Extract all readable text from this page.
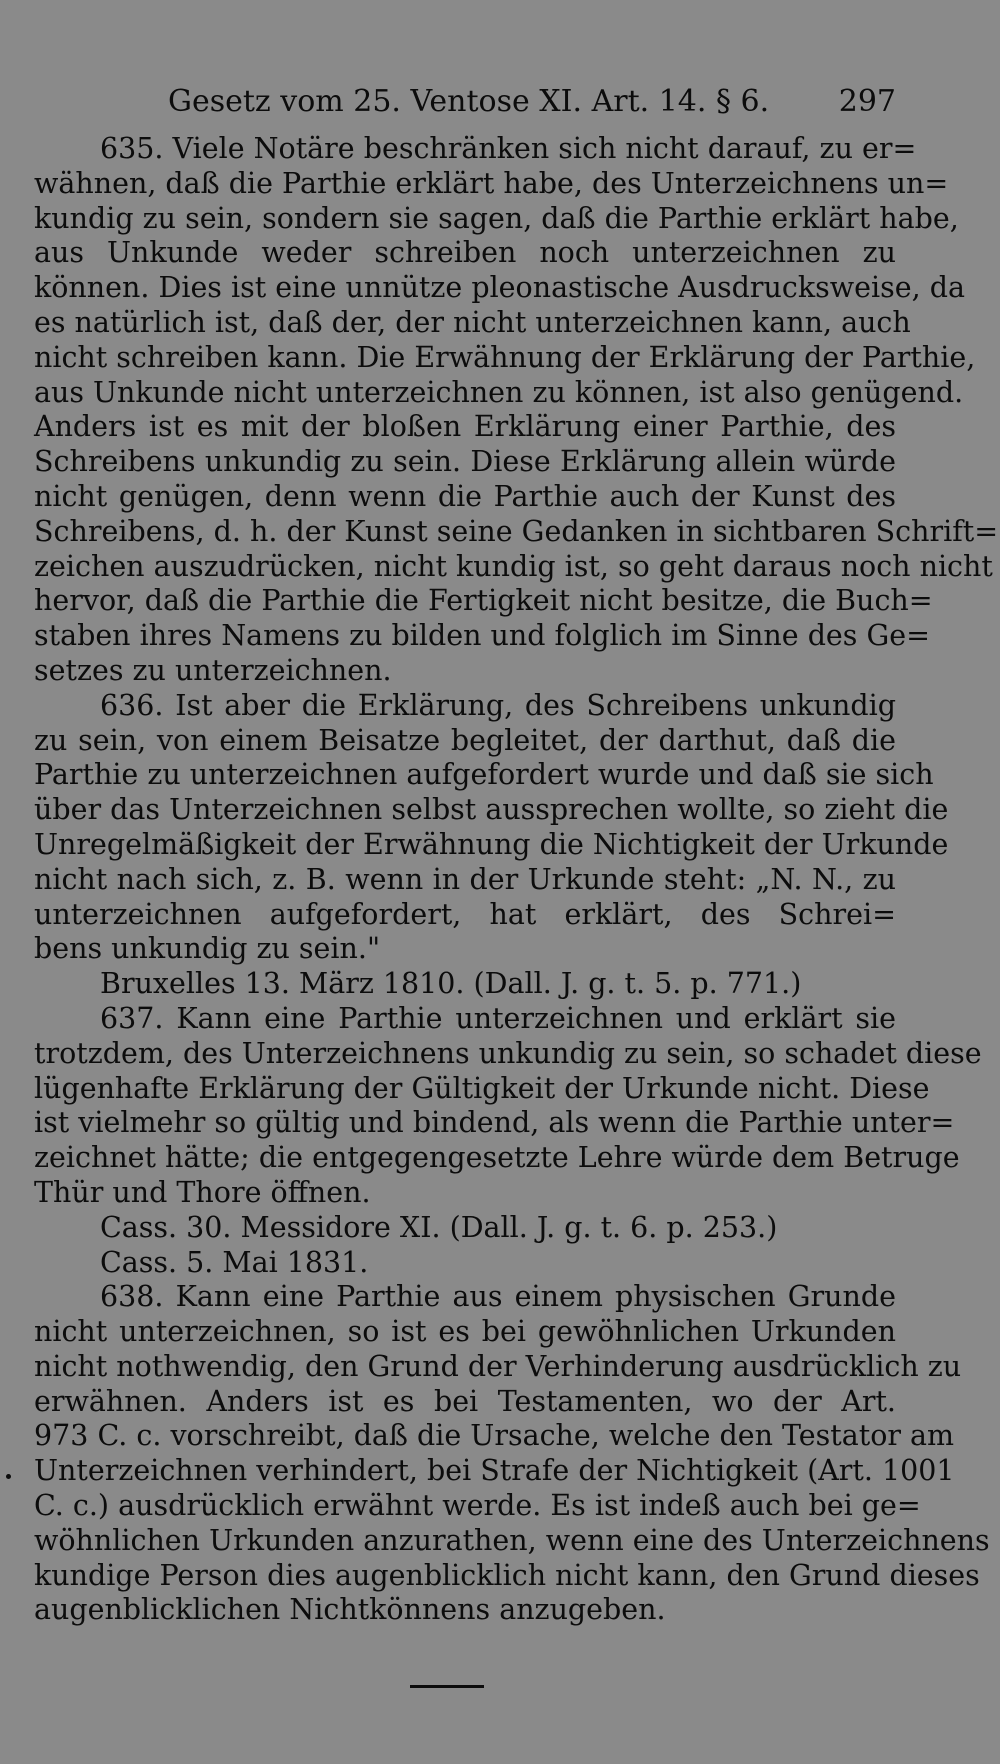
Gesetz vom 25. Ventose XI. Art. 14. § 6. 297
635. Viele Notäre beschränken sich nicht darauf, zu er=
wähnen, daß die Parthie erklärt habe, des Unterzeichnens un=
kundig zu sein, sondern sie sagen, daß die Parthie erklärt habe,
aus Unkunde weder schreiben noch unterzeichnen zu
können. Dies ist eine unnütze pleonastische Ausdrucksweise, da
es natürlich ist, daß der, der nicht unterzeichnen kann, auch
nicht schreiben kann. Die Erwähnung der Erklärung der Parthie,
aus Unkunde nicht unterzeichnen zu können, ist also genügend.
Anders ist es mit der bloßen Erklärung einer Parthie, des
Schreibens unkundig zu sein. Diese Erklärung allein würde
nicht genügen, denn wenn die Parthie auch der Kunst des
Schreibens, d. h. der Kunst seine Gedanken in sichtbaren Schrift=
zeichen auszudrücken, nicht kundig ist, so geht daraus noch nicht
hervor, daß die Parthie die Fertigkeit nicht besitze, die Buch=
staben ihres Namens zu bilden und folglich im Sinne des Ge=
setzes zu unterzeichnen.
636. Ist aber die Erklärung, des Schreibens unkundig
zu sein, von einem Beisatze begleitet, der darthut, daß die
Parthie zu unterzeichnen aufgefordert wurde und daß sie sich
über das Unterzeichnen selbst aussprechen wollte, so zieht die
Unregelmäßigkeit der Erwähnung die Nichtigkeit der Urkunde
nicht nach sich, z. B. wenn in der Urkunde steht: „N. N., zu
unterzeichnen aufgefordert, hat erklärt, des Schrei=
bens unkundig zu sein."
Bruxelles 13. März 1810. (Dall. J. g. t. 5. p. 771.)
637. Kann eine Parthie unterzeichnen und erklärt sie
trotzdem, des Unterzeichnens unkundig zu sein, so schadet diese
lügenhafte Erklärung der Gültigkeit der Urkunde nicht. Diese
ist vielmehr so gültig und bindend, als wenn die Parthie unter=
zeichnet hätte; die entgegengesetzte Lehre würde dem Betruge
Thür und Thore öffnen.
Cass. 30. Messidore XI. (Dall. J. g. t. 6. p. 253.)
Cass. 5. Mai 1831.
638. Kann eine Parthie aus einem physischen Grunde
nicht unterzeichnen, so ist es bei gewöhnlichen Urkunden
nicht nothwendig, den Grund der Verhinderung ausdrücklich zu
erwähnen. Anders ist es bei Testamenten, wo der Art.
973 C. c. vorschreibt, daß die Ursache, welche den Testator am
Unterzeichnen verhindert, bei Strafe der Nichtigkeit (Art. 1001
C. c.) ausdrücklich erwähnt werde. Es ist indeß auch bei ge=
wöhnlichen Urkunden anzurathen, wenn eine des Unterzeichnens
kundige Person dies augenblicklich nicht kann, den Grund dieses
augenblicklichen Nichtkönnens anzugeben.
